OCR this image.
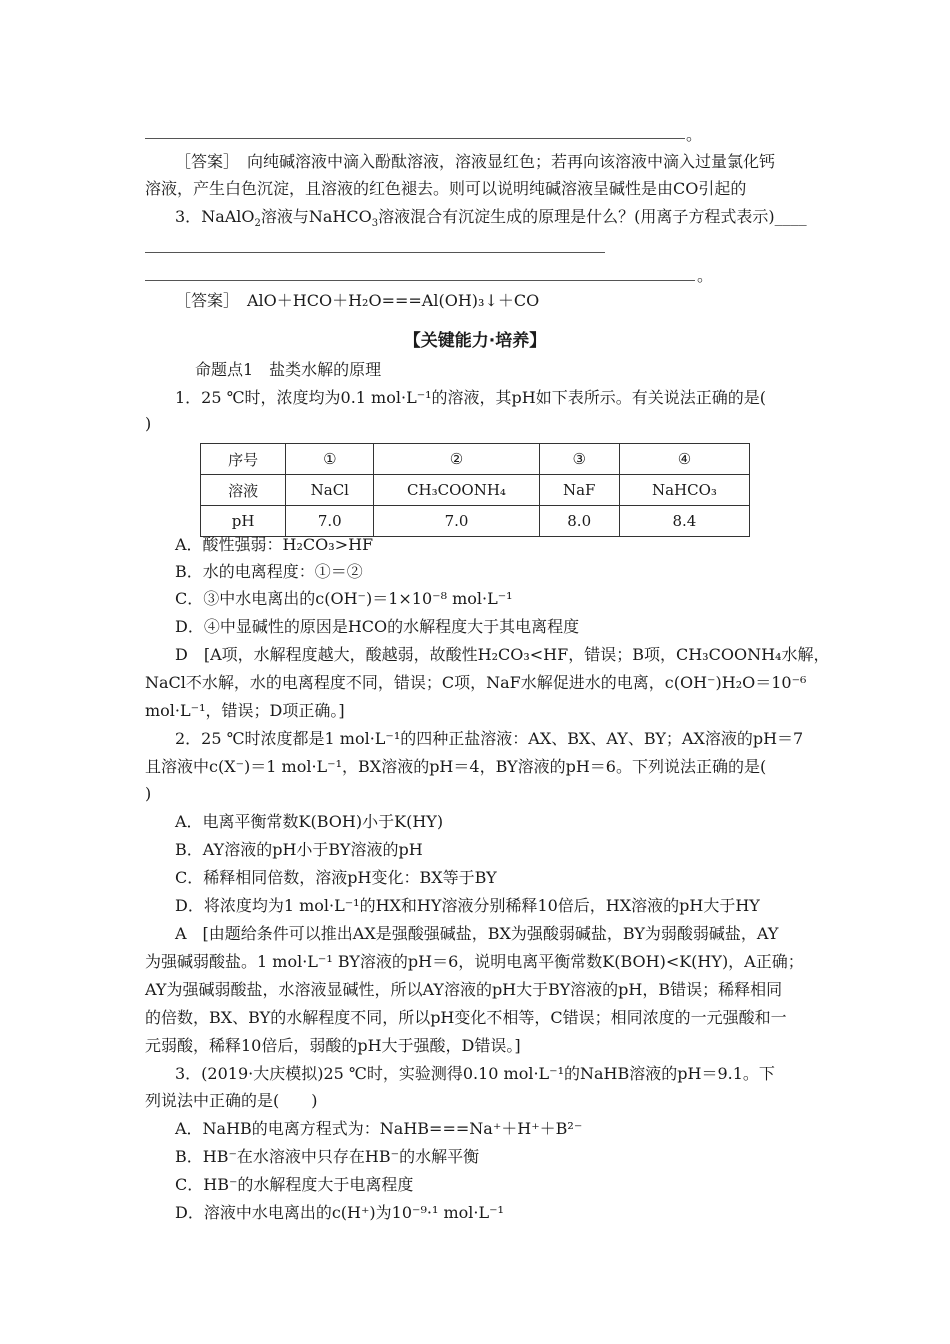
。
［答案］　向纯碱溶液中滴入酚酞溶液，溶液显红色；若再向该溶液中滴入过量氯化钙
溶液，产生白色沉淀，且溶液的红色褪去。则可以说明纯碱溶液呈碱性是由CO引起的
3．NaAlO$_2$溶液与NaHCO$_3$溶液混合有沉淀生成的原理是什么？(用离子方程式表示)____
。
［答案］　AlO＋HCO＋H₂O===Al(OH)₃↓＋CO
【关键能力·培养】
命题点1　盐类水解的原理
1．25 ℃时，浓度均为0.1 mol·L⁻¹的溶液，其pH如下表所示。有关说法正确的是(
)
序号	①	②	③	④
溶液	NaCl	CH₃COONH₄	NaF	NaHCO₃
pH	7.0	7.0	8.0	8.4
A．酸性强弱：H₂CO₃>HF
B．水的电离程度：①＝②
C．③中水电离出的c(OH⁻)＝1×10⁻⁸ mol·L⁻¹
D．④中显碱性的原因是HCO的水解程度大于其电离程度
D　[A项，水解程度越大，酸越弱，故酸性H₂CO₃<HF，错误；B项，CH₃COONH₄水解，
NaCl不水解，水的电离程度不同，错误；C项，NaF水解促进水的电离，c(OH⁻)H₂O＝10⁻⁶
mol·L⁻¹，错误；D项正确。]
2．25 ℃时浓度都是1 mol·L⁻¹的四种正盐溶液：AX、BX、AY、BY；AX溶液的pH＝7
且溶液中c(X⁻)＝1 mol·L⁻¹，BX溶液的pH＝4，BY溶液的pH＝6。下列说法正确的是(
)
A．电离平衡常数K(BOH)小于K(HY)
B．AY溶液的pH小于BY溶液的pH
C．稀释相同倍数，溶液pH变化：BX等于BY
D．将浓度均为1 mol·L⁻¹的HX和HY溶液分别稀释10倍后，HX溶液的pH大于HY
A　[由题给条件可以推出AX是强酸强碱盐，BX为强酸弱碱盐，BY为弱酸弱碱盐，AY
为强碱弱酸盐。1 mol·L⁻¹ BY溶液的pH＝6，说明电离平衡常数K(BOH)<K(HY)，A正确；
AY为强碱弱酸盐，水溶液显碱性，所以AY溶液的pH大于BY溶液的pH，B错误；稀释相同
的倍数，BX、BY的水解程度不同，所以pH变化不相等，C错误；相同浓度的一元强酸和一
元弱酸，稀释10倍后，弱酸的pH大于强酸，D错误。]
3．(2019·大庆模拟)25 ℃时，实验测得0.10 mol·L⁻¹的NaHB溶液的pH＝9.1。下
列说法中正确的是(　　)
A．NaHB的电离方程式为：NaHB===Na⁺＋H⁺＋B²⁻
B．HB⁻在水溶液中只存在HB⁻的水解平衡
C．HB⁻的水解程度大于电离程度
D．溶液中水电离出的c(H⁺)为10⁻⁹·¹ mol·L⁻¹
